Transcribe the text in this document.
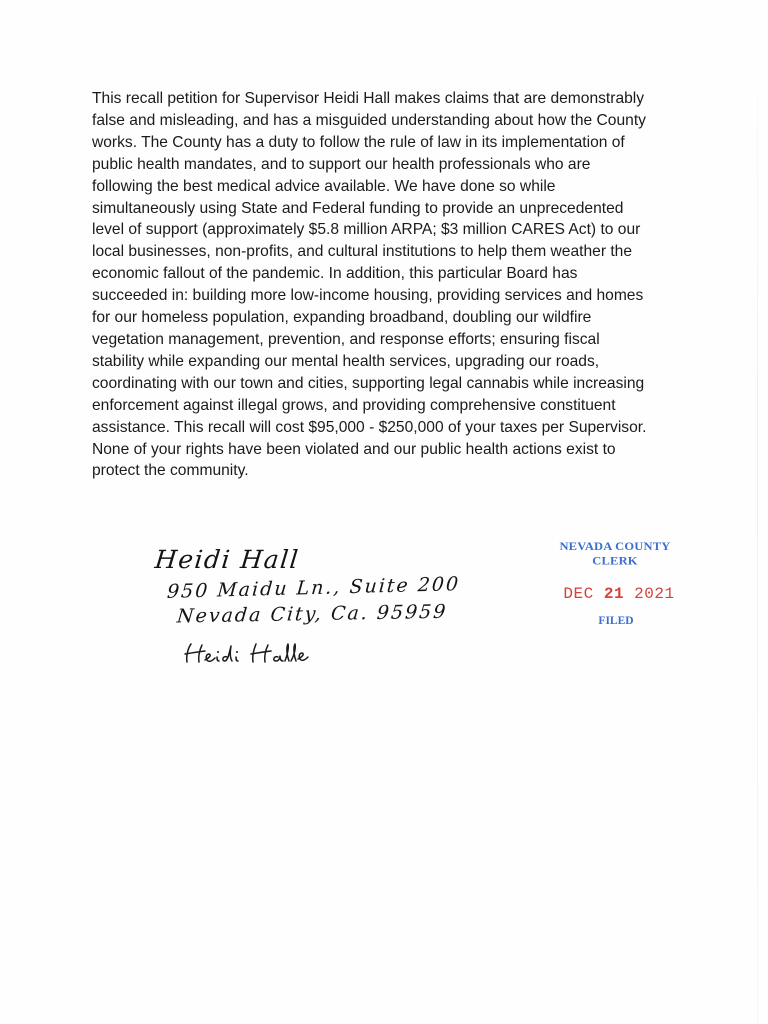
This recall petition for Supervisor Heidi Hall makes claims that are demonstrably
false and misleading, and has a misguided understanding about how the County
works. The County has a duty to follow the rule of law in its implementation of
public health mandates, and to support our health professionals who are
following the best medical advice available. We have done so while
simultaneously using State and Federal funding to provide an unprecedented
level of support (approximately $5.8 million ARPA; $3 million CARES Act) to our
local businesses, non-profits, and cultural institutions to help them weather the
economic fallout of the pandemic. In addition, this particular Board has
succeeded in: building more low-income housing, providing services and homes
for our homeless population, expanding broadband, doubling our wildfire
vegetation management, prevention, and response efforts; ensuring fiscal
stability while expanding our mental health services, upgrading our roads,
coordinating with our town and cities, supporting legal cannabis while increasing
enforcement against illegal grows, and providing comprehensive constituent
assistance. This recall will cost $95,000 - $250,000 of your taxes per Supervisor.
None of your rights have been violated and our public health actions exist to
protect the community.
Heidi Hall
950 Maidu Ln., Suite 200
Nevada City, Ca. 95959
NEVADA COUNTY CLERK
DEC 21 2021
FILED
